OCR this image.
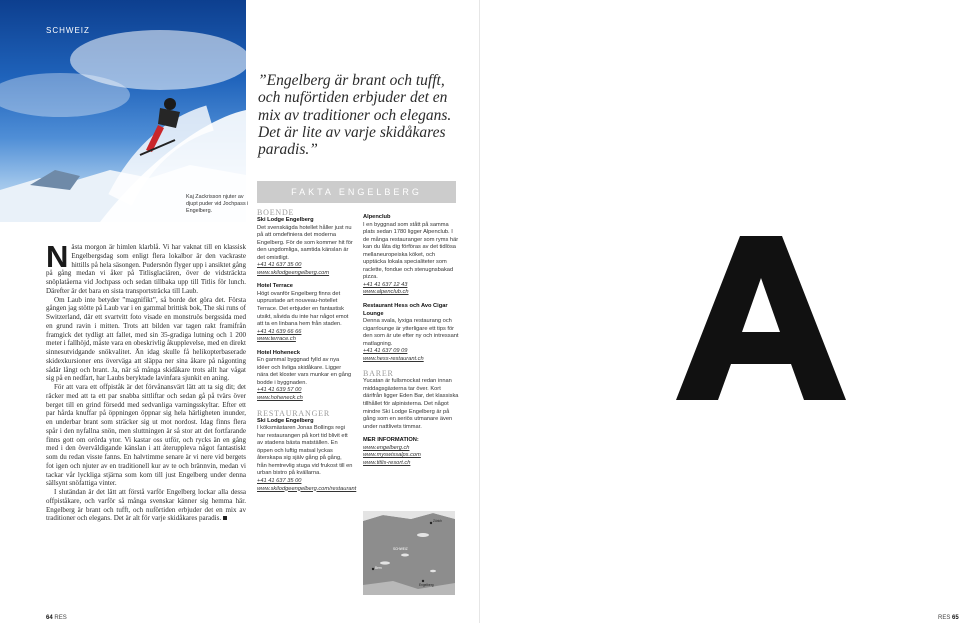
SCHWEIZ
Kaj Zackrisson njuter av djupt puder vid Jochpass i Engelberg.

Nästa morgon är himlen klarblå. Vi har vaknat till en klassisk Engelbergsdag som enligt flera lokalbor är den vackraste hittills på hela säsongen. Pudersnön flyger upp i ansiktet gång på gång medan vi åker på Titlisglaciären, över de vidsträckta snöplatåerna vid Jochpass och sedan tillbaka upp till Titlis för lunch. Därefter är det bara en sista transportsträcka till Laub.

Om Laub inte betyder ”magnifikt”, så borde det göra det. Första gången jag stötte på Laub var i en gammal brittisk bok, The ski runs of Switzerland, där ett svartvitt foto visade en monstruös bergssida med en grund ravin i mitten. Trots att bilden var tagen rakt framifrån framgick det tydligt att fallet, med sin 35-gradiga lutning och 1 200 meter i fallhöjd, måste vara en obeskrivlig åkupplevelse, med en direkt sinnesutvidgande snökvalitet. Än idag skulle få helikopterbaserade skidexkursioner ens överväga att släppa ner sina åkare på någonting sådär långt och brant. Ja, när så många skidåkare trots allt har vågat sig på en nedfart, har Laubs beryktade lavinfara sjunkit en aning.

För att vara ett offpiståk är det förvånansvärt lätt att ta sig dit; det räcker med att ta ett par snabba sittliftar och sedan gå på tvärs över berget till en grind försedd med sedvanliga varningsskyltar. Efter ett par hårda knuffar på öppningen öppnar sig hela härligheten inunder, en underbar brant som sträcker sig ut mot nordost. Idag finns flera spår i den nyfallna snön, men sluttningen är så stor att det fortfarande finns gott om orörda ytor. Vi kastar oss utför, och rycks än en gång med i den överväldigande känslan i att återuppleva något fantastiskt som du redan visste fanns. En halvtimme senare är vi nere vid bergets fot igen och njuter av en traditionell kur av te och brännvin, medan vi tackar vår lyckliga stjärna som kom till just Engelberg under denna sällsynt snöfattiga vinter.

I slutändan är det lätt att förstå varför Engelberg lockar alla dessa offpiståkare, och varför så många svenskar känner sig hemma här. Engelberg är brant och tufft, och nuförtiden erbjuder det en mix av traditioner och elegans. Det är alt för varje skidåkares paradis.

64 RES
”Engelberg är brant och tufft, och nuförtiden erbjuder det en mix av traditioner och elegans. Det är lite av varje skidåkares paradis.”
FAKTA ENGELBERG
BOENDE
Ski Lodge Engelberg
Det svenskägda hotellet håller just nu på att omdefiniera det moderna Engelberg. För de som kommer hit för den ungdomliga, samtida känslan är det omistligt.
+41 41 637 35 00
www.skilodgeengelberg.com
Hotel Terrace
Högt ovanför Engelberg finns det upprustade art nouveau-hotellet Terrace. Det erbjuder en fantastisk utsikt, såvida du inte har något emot att ta en linbana hem från staden.
+41 41 639 66 66
www.terrace.ch
Hotel Hoheneck
En gammal byggnad fylld av nya idéer och livliga skidåkare. Ligger nära det kloster vars munkar en gång bodde i byggnaden.
+41 41 639 57 00
www.hoheneck.ch
RESTAURANGER
Ski Lodge Engelberg
I köksmästaren Jonas Bollings regi har restaurangen på kort tid blivit ett av stadens bästa matställen. En öppen och luftig matsal lyckas återskapa sig själv gång på gång, från hemtrevlig stuga vid frukost till en urban bistro på kvällarna.
+41 41 637 35 00
www.skilodgeengelberg.com/restaurant
Alpenclub
I en byggnad som stått på samma plats sedan 1780 ligger Alpenclub. I de många restauranger som ryms här kan du låta dig förföras av det tidlösa mellaneuropeiska köket, och upptäcka lokala specialiteter som raclette, fondue och stenugnsbakad pizza.
+41 41 637 12 43
www.alpenclub.ch
Restaurant Hess och Avo Cigar Lounge
Denna svala, lyxiga restaurang och cigarrlounge är ytterligare ett tips för den som är ute efter ny och intressant matlagning.
+41 41 637 09 09
www.hess-restaurant.ch
BARER
Yucatan är fullsmockat redan innan middagsgästerna tar över. Kort därifrån ligger Eden Bar, det klassiska tillhållet för alpinisterna. Det något mindre Ski Lodge Engelberg är på gång som en seriös utmanare även under nattlivets timmar.
MER INFORMATION:
www.engelberg.ch
www.myswissalps.com
www.titlis-resort.ch
Zürich
SCHWEIZ
Bern
Engelberg
RES 65
